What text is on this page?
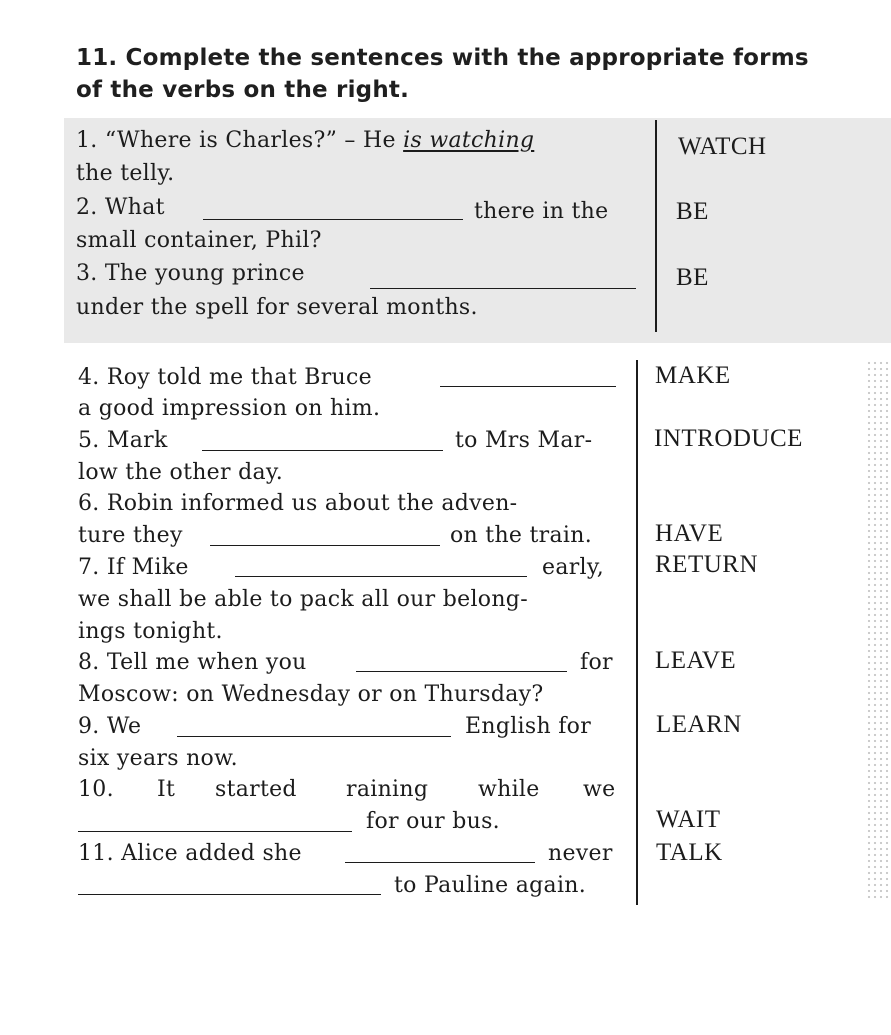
11. Complete the sentences with the appropriate forms
of the verbs on the right.
1. “Where is Charles?” – He is watching
the telly.
WATCH
2. What	there in the
small container, Phil?
BE
3. The young prince
under the spell for several months.
BE
4. Roy told me that Bruce
a good impression on him.
MAKE
5. Mark	to Mrs Mar-
low the other day.
INTRODUCE
6. Robin informed us about the adven-
ture they	on the train.	HAVE
7. If Mike	early,
we shall be able to pack all our belong-
ings tonight.
RETURN
8. Tell me when you	for
Moscow: on Wednesday or on Thursday?
LEAVE
9. We	English for
six years now.
LEARN
10. It started raining while we
for our bus.	WAIT
11. Alice added she	never
to Pauline again.
TALK
